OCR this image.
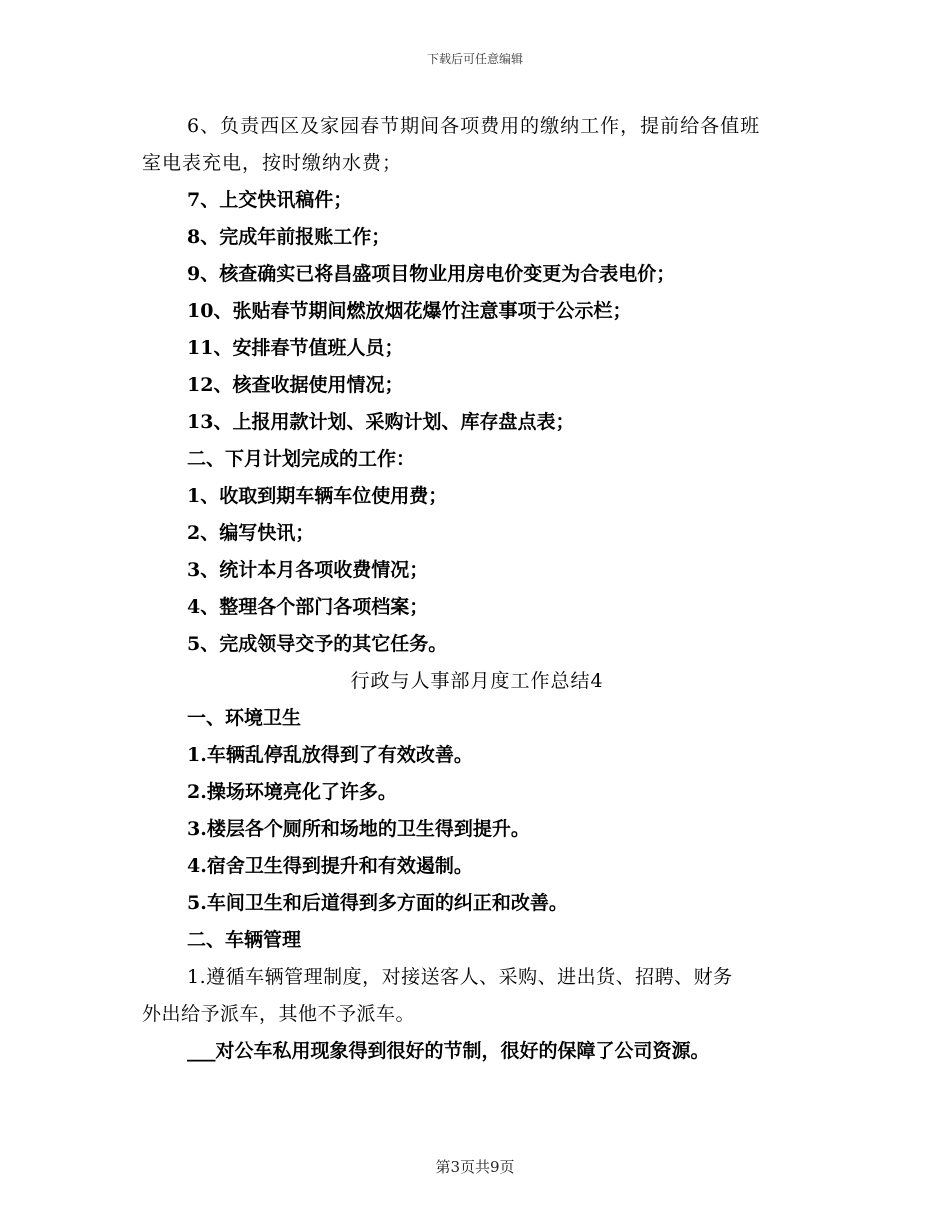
下载后可任意编辑
6、负责西区及家园春节期间各项费用的缴纳工作，提前给各值班
室电表充电，按时缴纳水费；
7、上交快讯稿件；
8、完成年前报账工作；
9、核查确实已将昌盛项目物业用房电价变更为合表电价；
10、张贴春节期间燃放烟花爆竹注意事项于公示栏；
11、安排春节值班人员；
12、核查收据使用情况；
13、上报用款计划、采购计划、库存盘点表；
二、下月计划完成的工作：
1、收取到期车辆车位使用费；
2、编写快讯；
3、统计本月各项收费情况；
4、整理各个部门各项档案；
5、完成领导交予的其它任务。
行政与人事部月度工作总结4
一、环境卫生
1.车辆乱停乱放得到了有效改善。
2.操场环境亮化了许多。
3.楼层各个厕所和场地的卫生得到提升。
4.宿舍卫生得到提升和有效遏制。
5.车间卫生和后道得到多方面的纠正和改善。
二、车辆管理
1.遵循车辆管理制度，对接送客人、采购、进出货、招聘、财务
外出给予派车，其他不予派车。
___对公车私用现象得到很好的节制，很好的保障了公司资源。
第3页共9页
